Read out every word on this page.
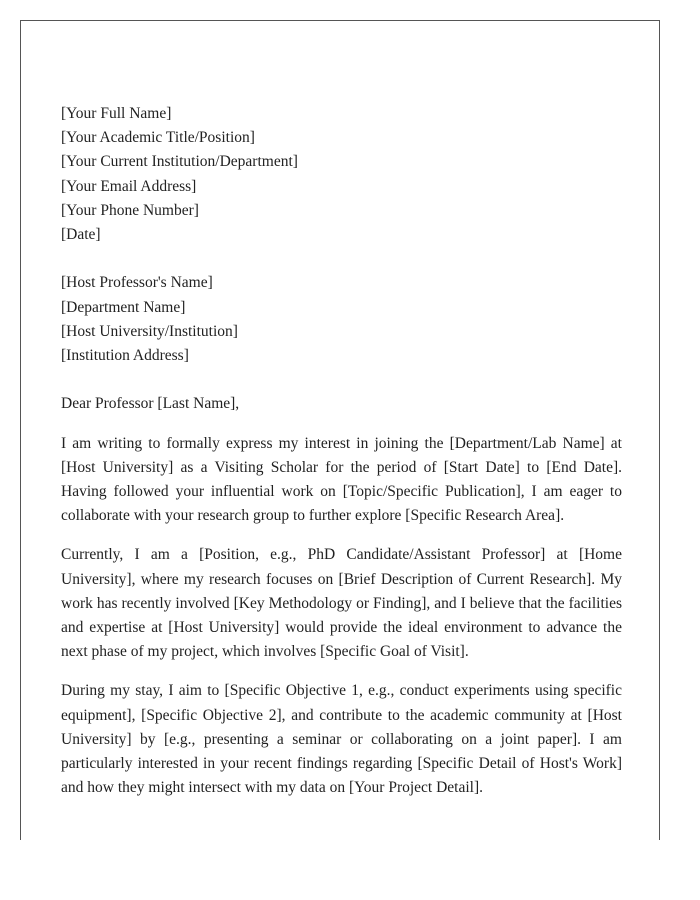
[Your Full Name]
[Your Academic Title/Position]
[Your Current Institution/Department]
[Your Email Address]
[Your Phone Number]
[Date]
[Host Professor's Name]
[Department Name]
[Host University/Institution]
[Institution Address]
Dear Professor [Last Name],

I am writing to formally express my interest in joining the [Department/Lab Name] at [Host University] as a Visiting Scholar for the period of [Start Date] to [End Date]. Having followed your influential work on [Topic/Specific Publication], I am eager to collaborate with your research group to further explore [Specific Research Area].

Currently, I am a [Position, e.g., PhD Candidate/Assistant Professor] at [Home University], where my research focuses on [Brief Description of Current Research]. My work has recently involved [Key Methodology or Finding], and I believe that the facilities and expertise at [Host University] would provide the ideal environment to advance the next phase of my project, which involves [Specific Goal of Visit].

During my stay, I aim to [Specific Objective 1, e.g., conduct experiments using specific equipment], [Specific Objective 2], and contribute to the academic community at [Host University] by [e.g., presenting a seminar or collaborating on a joint paper]. I am particularly interested in your recent findings regarding [Specific Detail of Host's Work] and how they might intersect with my data on [Your Project Detail].
